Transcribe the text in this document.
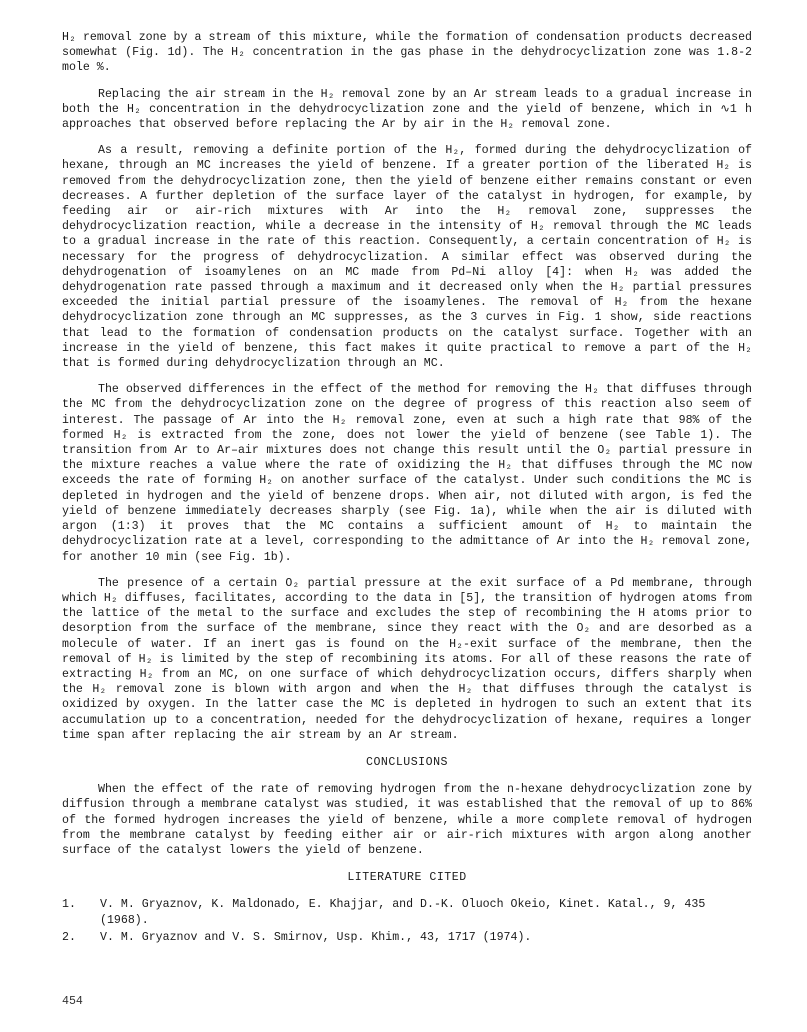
H₂ removal zone by a stream of this mixture, while the formation of condensation products decreased somewhat (Fig. 1d). The H₂ concentration in the gas phase in the dehydrocyclization zone was 1.8-2 mole %.

Replacing the air stream in the H₂ removal zone by an Ar stream leads to a gradual increase in both the H₂ concentration in the dehydrocyclization zone and the yield of benzene, which in ∿1 h approaches that observed before replacing the Ar by air in the H₂ removal zone.

As a result, removing a definite portion of the H₂, formed during the dehydrocyclization of hexane, through an MC increases the yield of benzene. If a greater portion of the liberated H₂ is removed from the dehydrocyclization zone, then the yield of benzene either remains constant or even decreases. A further depletion of the surface layer of the catalyst in hydrogen, for example, by feeding air or air-rich mixtures with Ar into the H₂ removal zone, suppresses the dehydrocyclization reaction, while a decrease in the intensity of H₂ removal through the MC leads to a gradual increase in the rate of this reaction. Consequently, a certain concentration of H₂ is necessary for the progress of dehydrocyclization. A similar effect was observed during the dehydrogenation of isoamylenes on an MC made from Pd–Ni alloy [4]: when H₂ was added the dehydrogenation rate passed through a maximum and it decreased only when the H₂ partial pressures exceeded the initial partial pressure of the isoamylenes. The removal of H₂ from the hexane dehydrocyclization zone through an MC suppresses, as the 3 curves in Fig. 1 show, side reactions that lead to the formation of condensation products on the catalyst surface. Together with an increase in the yield of benzene, this fact makes it quite practical to remove a part of the H₂ that is formed during dehydrocyclization through an MC.

The observed differences in the effect of the method for removing the H₂ that diffuses through the MC from the dehydrocyclization zone on the degree of progress of this reaction also seem of interest. The passage of Ar into the H₂ removal zone, even at such a high rate that 98% of the formed H₂ is extracted from the zone, does not lower the yield of benzene (see Table 1). The transition from Ar to Ar–air mixtures does not change this result until the O₂ partial pressure in the mixture reaches a value where the rate of oxidizing the H₂ that diffuses through the MC now exceeds the rate of forming H₂ on another surface of the catalyst. Under such conditions the MC is depleted in hydrogen and the yield of benzene drops. When air, not diluted with argon, is fed the yield of benzene immediately decreases sharply (see Fig. 1a), while when the air is diluted with argon (1:3) it proves that the MC contains a sufficient amount of H₂ to maintain the dehydrocyclization rate at a level, corresponding to the admittance of Ar into the H₂ removal zone, for another 10 min (see Fig. 1b).

The presence of a certain O₂ partial pressure at the exit surface of a Pd membrane, through which H₂ diffuses, facilitates, according to the data in [5], the transition of hydrogen atoms from the lattice of the metal to the surface and excludes the step of recombining the H atoms prior to desorption from the surface of the membrane, since they react with the O₂ and are desorbed as a molecule of water. If an inert gas is found on the H₂-exit surface of the membrane, then the removal of H₂ is limited by the step of recombining its atoms. For all of these reasons the rate of extracting H₂ from an MC, on one surface of which dehydrocyclization occurs, differs sharply when the H₂ removal zone is blown with argon and when the H₂ that diffuses through the catalyst is oxidized by oxygen. In the latter case the MC is depleted in hydrogen to such an extent that its accumulation up to a concentration, needed for the dehydrocyclization of hexane, requires a longer time span after replacing the air stream by an Ar stream.

CONCLUSIONS

When the effect of the rate of removing hydrogen from the n-hexane dehydrocyclization zone by diffusion through a membrane catalyst was studied, it was established that the removal of up to 86% of the formed hydrogen increases the yield of benzene, while a more complete removal of hydrogen from the membrane catalyst by feeding either air or air-rich mixtures with argon along another surface of the catalyst lowers the yield of benzene.

LITERATURE CITED
1.	V. M. Gryaznov, K. Maldonado, E. Khajjar, and D.-K. Oluoch Okeio, Kinet. Katal., 9, 435 (1968).
2.	V. M. Gryaznov and V. S. Smirnov, Usp. Khim., 43, 1717 (1974).
454
